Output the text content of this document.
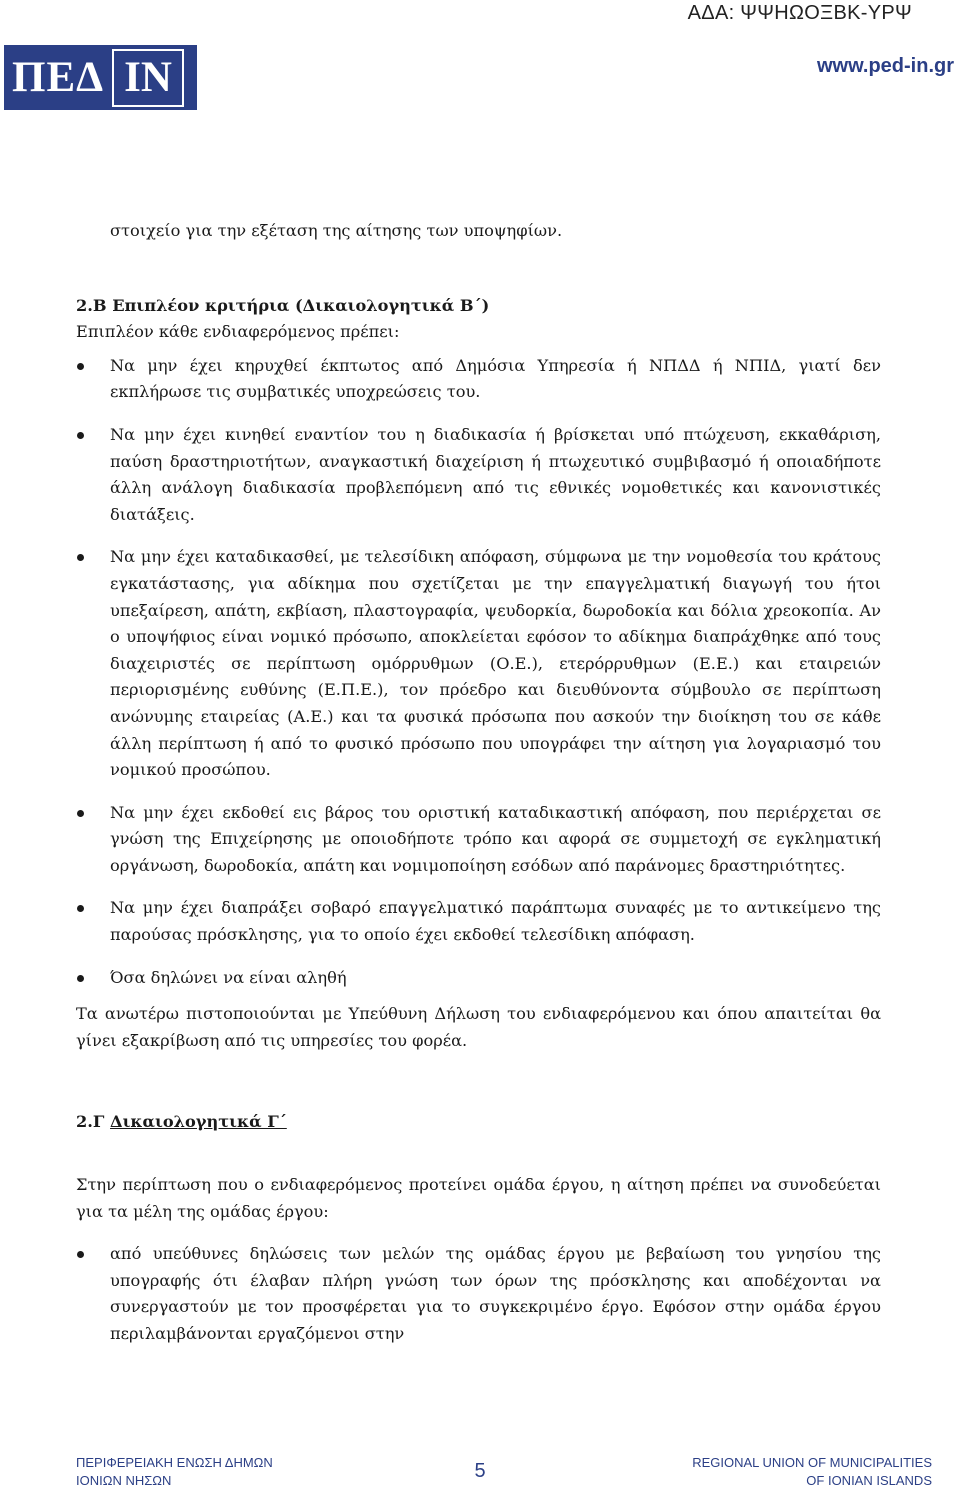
ΑΔΑ: ΨΨΗΩΟΞΒΚ-ΥΡΨ
ΠΕΔ ΙΝ	www.ped-in.gr

στοιχείο για την εξέταση της αίτησης των υποψηφίων.

2.Β Επιπλέον κριτήρια (Δικαιολογητικά Β΄)

Επιπλέον κάθε ενδιαφερόμενος πρέπει:

Να μην έχει κηρυχθεί έκπτωτος από Δημόσια Υπηρεσία ή ΝΠΔΔ ή ΝΠΙΔ, γιατί δεν εκπλήρωσε τις συμβατικές υποχρεώσεις του.
Να μην έχει κινηθεί εναντίον του η διαδικασία ή βρίσκεται υπό πτώχευση, εκκαθάριση, παύση δραστηριοτήτων, αναγκαστική διαχείριση ή πτωχευτικό συμβιβασμό ή οποιαδήποτε άλλη ανάλογη διαδικασία προβλεπόμενη από τις εθνικές νομοθετικές και κανονιστικές διατάξεις.
Να μην έχει καταδικασθεί, με τελεσίδικη απόφαση, σύμφωνα με την νομοθεσία του κράτους εγκατάστασης, για αδίκημα που σχετίζεται με την επαγγελματική διαγωγή του ήτοι υπεξαίρεση, απάτη, εκβίαση, πλαστογραφία, ψευδορκία, δωροδοκία και δόλια χρεοκοπία. Αν ο υποψήφιος είναι νομικό πρόσωπο, αποκλείεται εφόσον το αδίκημα διαπράχθηκε από τους διαχειριστές σε περίπτωση ομόρρυθμων (Ο.Ε.), ετερόρρυθμων (Ε.Ε.) και εταιρειών περιορισμένης ευθύνης (Ε.Π.Ε.), τον πρόεδρο και διευθύνοντα σύμβουλο σε περίπτωση ανώνυμης εταιρείας (Α.Ε.) και τα φυσικά πρόσωπα που ασκούν την διοίκηση του σε κάθε άλλη περίπτωση ή από το φυσικό πρόσωπο που υπογράφει την αίτηση για λογαριασμό του νομικού προσώπου.
Να μην έχει εκδοθεί εις βάρος του οριστική καταδικαστική απόφαση, που περιέρχεται σε γνώση της Επιχείρησης με οποιοδήποτε τρόπο και αφορά σε συμμετοχή σε εγκληματική οργάνωση, δωροδοκία, απάτη και νομιμοποίηση εσόδων από παράνομες δραστηριότητες.
Να μην έχει διαπράξει σοβαρό επαγγελματικό παράπτωμα συναφές με το αντικείμενο της παρούσας πρόσκλησης, για το οποίο έχει εκδοθεί τελεσίδικη απόφαση.
Όσα δηλώνει να είναι αληθή

Τα ανωτέρω πιστοποιούνται με Υπεύθυνη Δήλωση του ενδιαφερόμενου και όπου απαιτείται θα γίνει εξακρίβωση από τις υπηρεσίες του φορέα.

2.Γ Δικαιολογητικά Γ΄

Στην περίπτωση που ο ενδιαφερόμενος προτείνει ομάδα έργου, η αίτηση πρέπει να συνοδεύεται για τα μέλη της ομάδας έργου:

από υπεύθυνες δηλώσεις των μελών της ομάδας έργου με βεβαίωση του γνησίου της υπογραφής ότι έλαβαν πλήρη γνώση των όρων της πρόσκλησης και αποδέχονται να συνεργαστούν με τον προσφέρεται για το συγκεκριμένο έργο. Εφόσον στην ομάδα έργου περιλαμβάνονται εργαζόμενοι στην
ΠΕΡΙΦΕΡΕΙΑΚΗ ΕΝΩΣΗ ΔΗΜΩΝ
ΙΟΝΙΩΝ ΝΗΣΩΝ	5	REGIONAL UNION OF MUNICIPALITIES
OF IONIAN ISLANDS
